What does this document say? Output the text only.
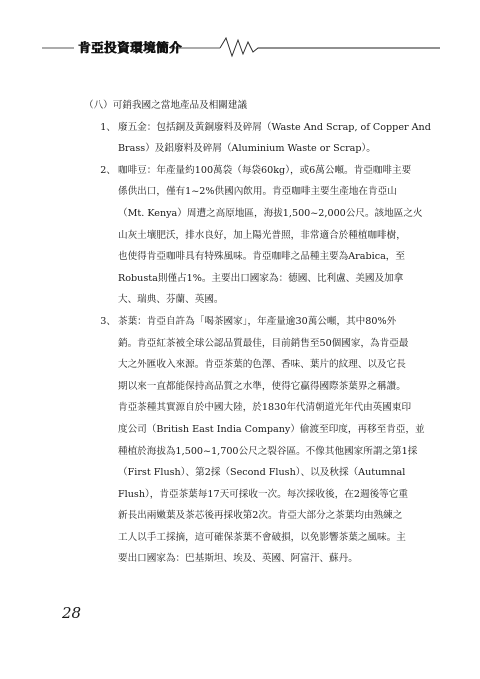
肯亞投資環境簡介

（八）可銷我國之當地產品及相關建議

1、 廢五金：包括銅及黃銅廢料及碎屑（Waste And Scrap, of Copper And
Brass）及鋁廢料及碎屑（Aluminium Waste or Scrap）。
2、 咖啡豆：年產量約100萬袋（每袋60kg），或6萬公噸。肯亞咖啡主要
係供出口，僅有1~2%供國內飲用。肯亞咖啡主要生產地在肯亞山
（Mt. Kenya）周遭之高原地區，海拔1,500~2,000公尺。該地區之火
山灰土壤肥沃，排水良好，加上陽光普照，非常適合於種植咖啡樹，
也使得肯亞咖啡具有特殊風味。肯亞咖啡之品種主要為Arabica，至
Robusta則僅占1%。主要出口國家為：德國、比利盧、美國及加拿
大、瑞典、芬蘭、英國。
3、 茶葉：肯亞自許為「喝茶國家」，年產量逾30萬公噸，其中80%外
銷。肯亞紅茶被全球公認品質最佳，目前銷售至50個國家，為肯亞最
大之外匯收入來源。肯亞茶葉的色澤、香味、葉片的紋理、以及它長
期以來一直都能保持高品質之水準，使得它贏得國際茶葉界之稱讚。
肯亞茶種其實源自於中國大陸，於1830年代清朝道光年代由英國東印
度公司（British East India Company）偷渡至印度，再移至肯亞，並
種植於海拔為1,500~1,700公尺之裂谷區。不像其他國家所謂之第1採
（First Flush）、第2採（Second Flush）、以及秋採（Autumnal
Flush），肯亞茶葉每17天可採收一次。每次採收後，在2週後等它重
新長出兩嫩葉及茶芯後再採收第2次。肯亞大部分之茶葉均由熟練之
工人以手工採摘，這可確保茶葉不會破損，以免影響茶葉之風味。主
要出口國家為：巴基斯坦、埃及、英國、阿富汗、蘇丹。
28
